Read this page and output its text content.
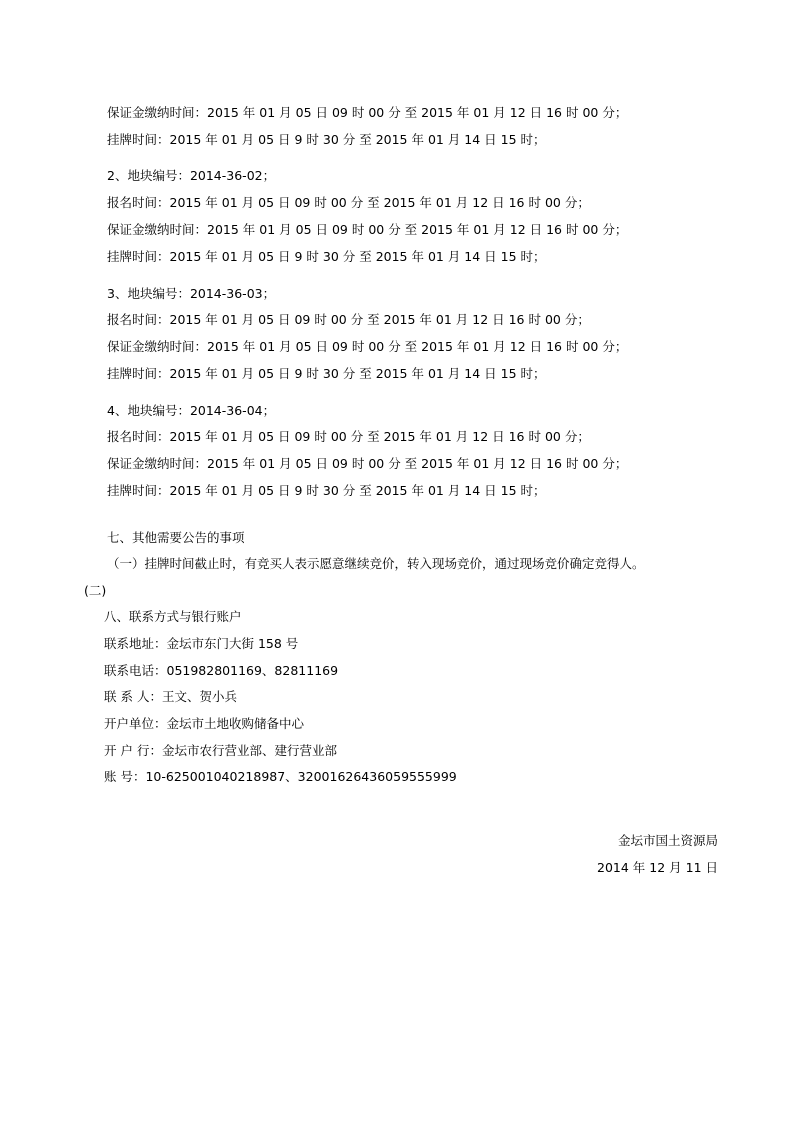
保证金缴纳时间：2015 年 01 月 05 日 09 时 00 分 至 2015 年 01 月 12 日 16 时 00 分；
挂牌时间：2015 年 01 月 05 日 9 时 30 分 至 2015 年 01 月 14 日 15 时；
2、地块编号：2014-36-02；
报名时间：2015 年 01 月 05 日 09 时 00 分 至 2015 年 01 月 12 日 16 时 00 分；
保证金缴纳时间：2015 年 01 月 05 日 09 时 00 分 至 2015 年 01 月 12 日 16 时 00 分；
挂牌时间：2015 年 01 月 05 日 9 时 30 分 至 2015 年 01 月 14 日 15 时；
3、地块编号：2014-36-03；
报名时间：2015 年 01 月 05 日 09 时 00 分 至 2015 年 01 月 12 日 16 时 00 分；
保证金缴纳时间：2015 年 01 月 05 日 09 时 00 分 至 2015 年 01 月 12 日 16 时 00 分；
挂牌时间：2015 年 01 月 05 日 9 时 30 分 至 2015 年 01 月 14 日 15 时；
4、地块编号：2014-36-04；
报名时间：2015 年 01 月 05 日 09 时 00 分 至 2015 年 01 月 12 日 16 时 00 分；
保证金缴纳时间：2015 年 01 月 05 日 09 时 00 分 至 2015 年 01 月 12 日 16 时 00 分；
挂牌时间：2015 年 01 月 05 日 9 时 30 分 至 2015 年 01 月 14 日 15 时；
七、其他需要公告的事项
（一）挂牌时间截止时，有竞买人表示愿意继续竞价，转入现场竞价，通过现场竞价确定竞得人。
(二)
八、联系方式与银行账户
联系地址：金坛市东门大街 158 号
联系电话：051982801169、82811169
联 系 人：王文、贺小兵
开户单位：金坛市土地收购储备中心
开 户 行：金坛市农行营业部、建行营业部
账 号：10-625001040218987、32001626436059555999
金坛市国土资源局
2014 年 12 月 11 日
